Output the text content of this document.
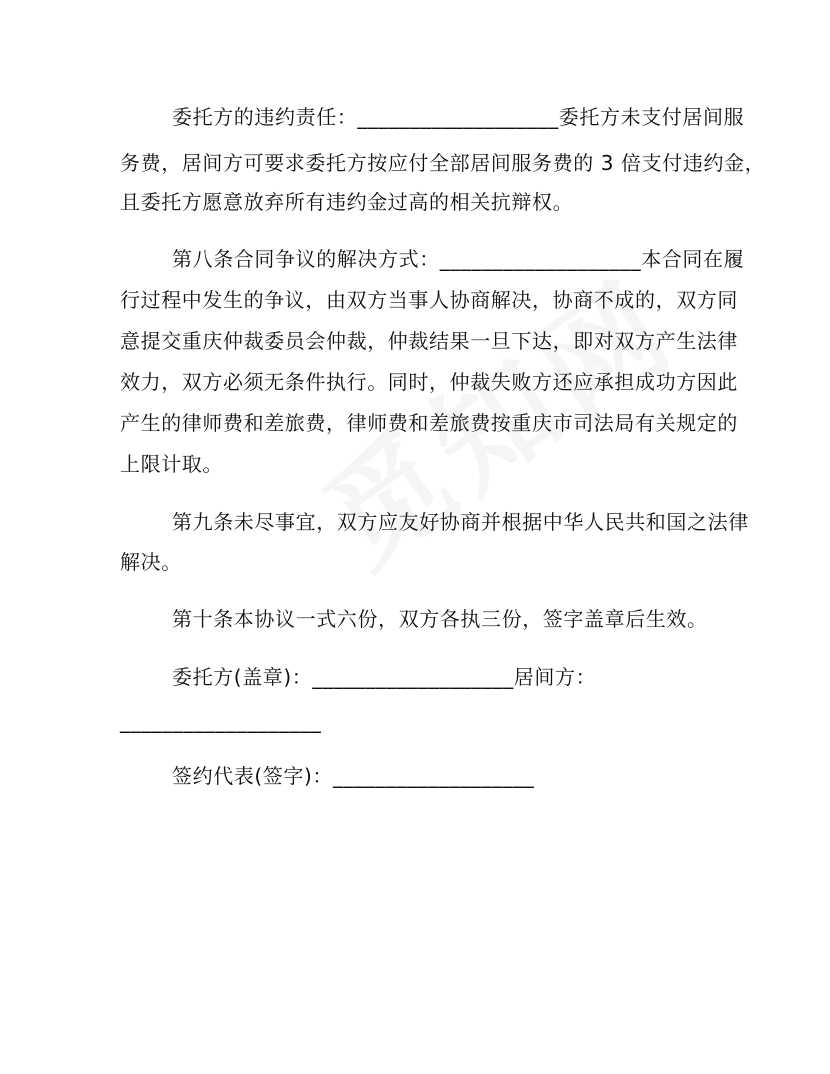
委托方的违约责任：___________________委托方未支付居间服
务费，居间方可要求委托方按应付全部居间服务费的 3 倍支付违约金，
且委托方愿意放弃所有违约金过高的相关抗辩权。
第八条合同争议的解决方式：___________________本合同在履
行过程中发生的争议，由双方当事人协商解决，协商不成的，双方同
意提交重庆仲裁委员会仲裁，仲裁结果一旦下达，即对双方产生法律
效力，双方必须无条件执行。同时，仲裁失败方还应承担成功方因此
产生的律师费和差旅费，律师费和差旅费按重庆市司法局有关规定的
上限计取。
第九条未尽事宜，双方应友好协商并根据中华人民共和国之法律
解决。
第十条本协议一式六份，双方各执三份，签字盖章后生效。
委托方(盖章)：___________________居间方：
___________________
签约代表(签字)：___________________
